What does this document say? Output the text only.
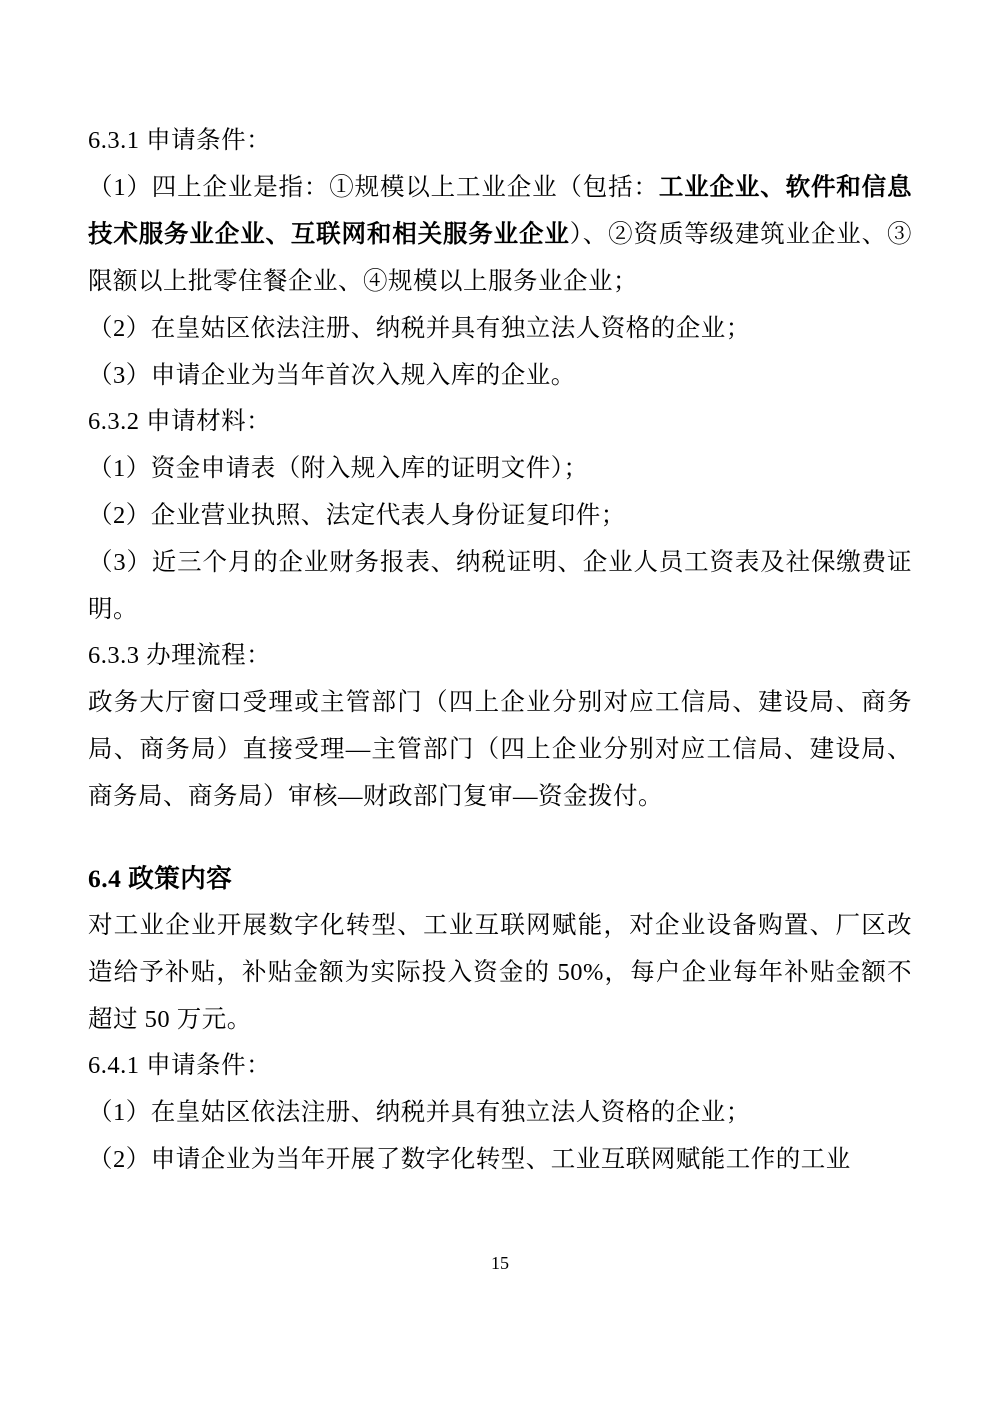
6.3.1 申请条件：

（1）四上企业是指：①规模以上工业企业（包括：工业企业、软件和信息技术服务业企业、互联网和相关服务业企业）、②资质等级建筑业企业、③限额以上批零住餐企业、④规模以上服务业企业；

（2）在皇姑区依法注册、纳税并具有独立法人资格的企业；

（3）申请企业为当年首次入规入库的企业。

6.3.2 申请材料：

（1）资金申请表（附入规入库的证明文件）；

（2）企业营业执照、法定代表人身份证复印件；

（3）近三个月的企业财务报表、纳税证明、企业人员工资表及社保缴费证明。

6.3.3 办理流程：

政务大厅窗口受理或主管部门（四上企业分别对应工信局、建设局、商务局、商务局）直接受理—主管部门（四上企业分别对应工信局、建设局、商务局、商务局）审核—财政部门复审—资金拨付。

6.4 政策内容

对工业企业开展数字化转型、工业互联网赋能，对企业设备购置、厂区改造给予补贴，补贴金额为实际投入资金的 50%，每户企业每年补贴金额不超过 50 万元。

6.4.1 申请条件：

（1）在皇姑区依法注册、纳税并具有独立法人资格的企业；

（2）申请企业为当年开展了数字化转型、工业互联网赋能工作的工业

15
